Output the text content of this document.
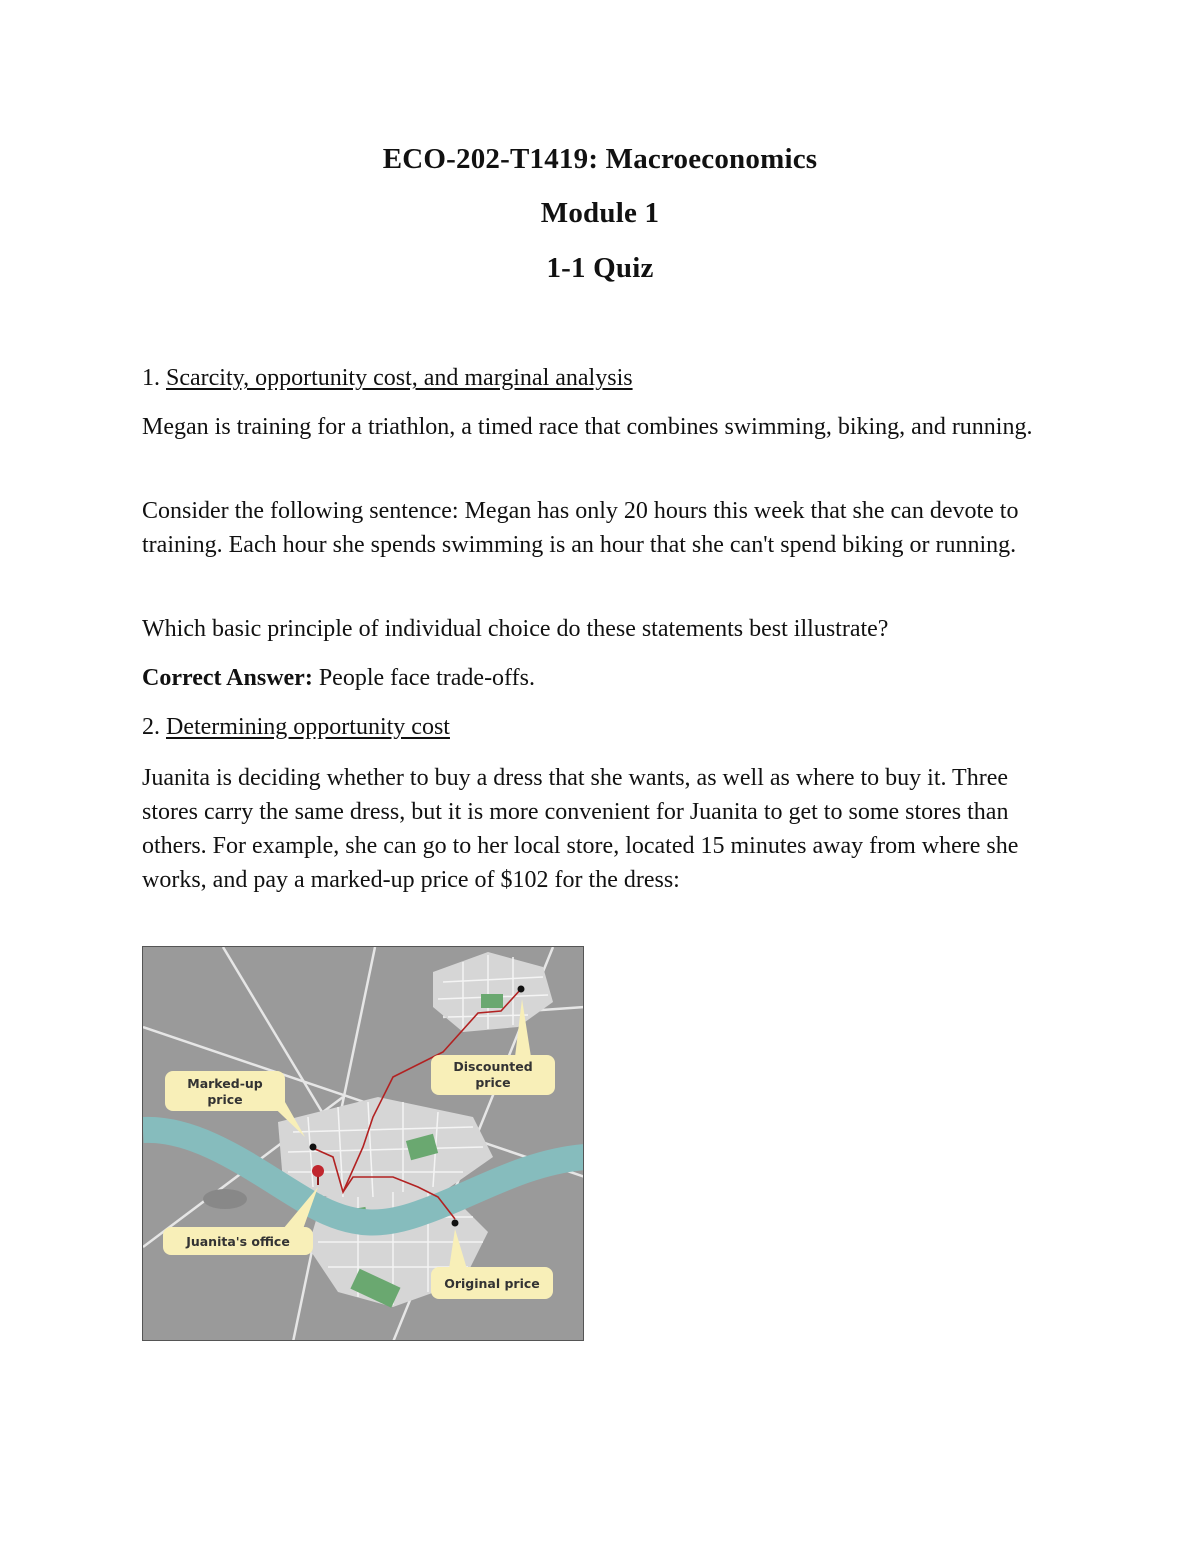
ECO-202-T1419: Macroeconomics
Module 1
1-1 Quiz
1. Scarcity, opportunity cost, and marginal analysis
Megan is training for a triathlon, a timed race that combines swimming, biking, and running.
Consider the following sentence: Megan has only 20 hours this week that she can devote to training. Each hour she spends swimming is an hour that she can't spend biking or running.
Which basic principle of individual choice do these statements best illustrate?
Correct Answer: People face trade-offs.
2. Determining opportunity cost
Juanita is deciding whether to buy a dress that she wants, as well as where to buy it. Three stores carry the same dress, but it is more convenient for Juanita to get to some stores than others. For example, she can go to her local store, located 15 minutes away from where she works, and pay a marked-up price of $102 for the dress:
Marked-up
price
Discounted
price
Juanita's office
Original price
